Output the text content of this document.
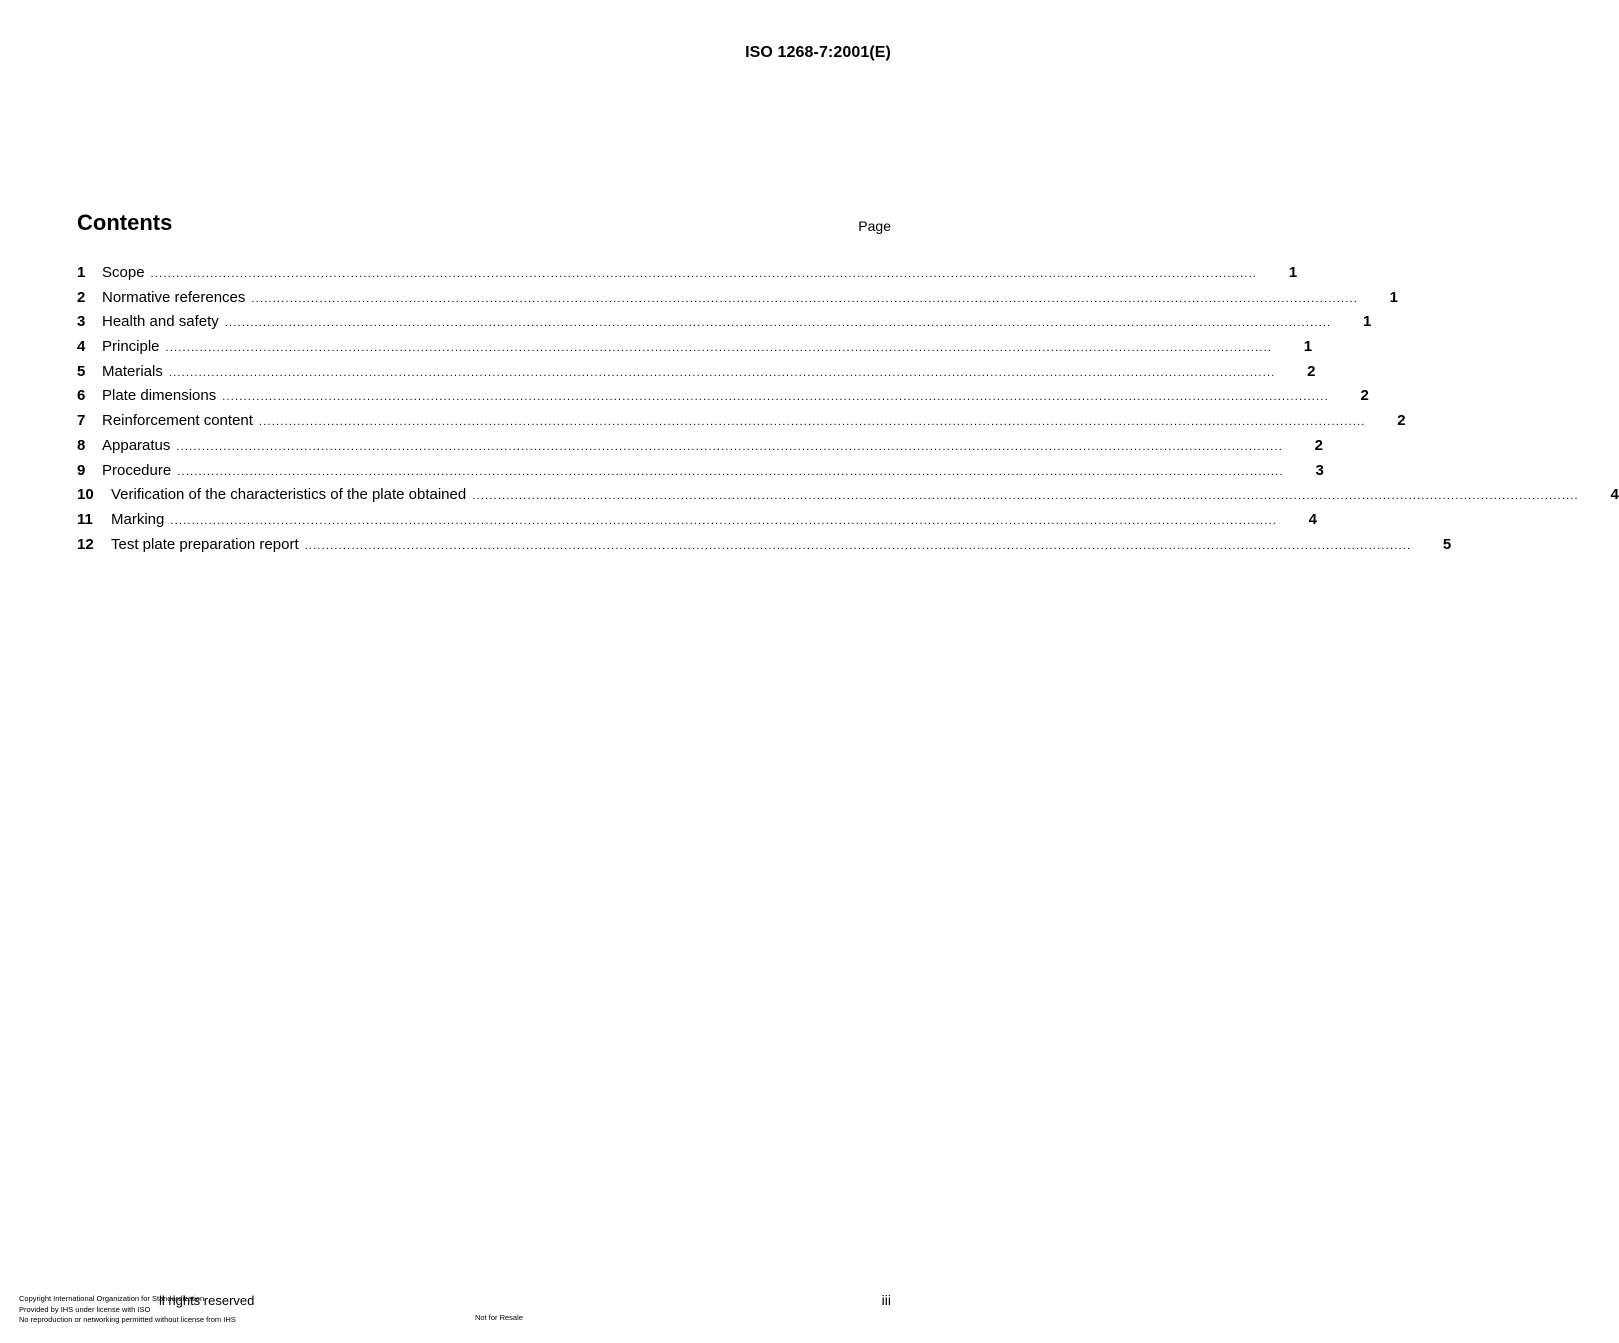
ISO 1268-7:2001(E)
Contents	Page
1	Scope .................................................................................................................................................................................................................................................................... 1
2	Normative references .................................................................................................................................................................................................................................................................... 1
3	Health and safety .................................................................................................................................................................................................................................................................... 1
4	Principle .................................................................................................................................................................................................................................................................... 1
5	Materials .................................................................................................................................................................................................................................................................... 2
6	Plate dimensions .................................................................................................................................................................................................................................................................... 2
7	Reinforcement content .................................................................................................................................................................................................................................................................... 2
8	Apparatus .................................................................................................................................................................................................................................................................... 2
9	Procedure .................................................................................................................................................................................................................................................................... 3
10	Verification of the characteristics of the plate obtained .................................................................................................................................................................................................................................................................... 4
11	Marking .................................................................................................................................................................................................................................................................... 4
12	Test plate preparation report .................................................................................................................................................................................................................................................................... 5
ll rights reserved
Copyright International Organization for Standardization
Provided by IHS under license with ISO
No reproduction or networking permitted without license from IHS	Not for Resale
iii
